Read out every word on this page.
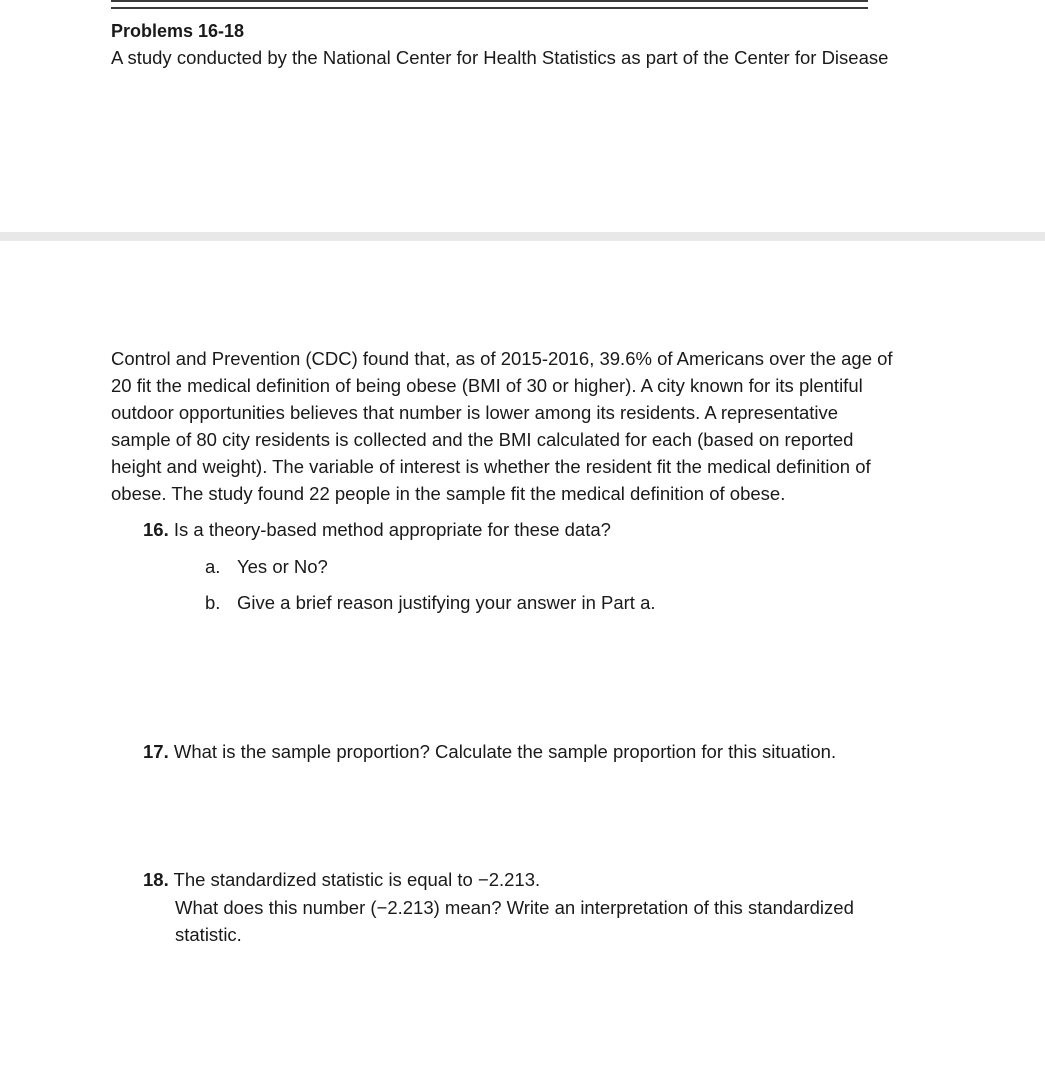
Problems 16-18
A study conducted by the National Center for Health Statistics as part of the Center for Disease
Control and Prevention (CDC) found that, as of 2015-2016, 39.6% of Americans over the age of
20 fit the medical definition of being obese (BMI of 30 or higher). A city known for its plentiful
outdoor opportunities believes that number is lower among its residents. A representative
sample of 80 city residents is collected and the BMI calculated for each (based on reported
height and weight). The variable of interest is whether the resident fit the medical definition of
obese. The study found 22 people in the sample fit the medical definition of obese.
16. Is a theory-based method appropriate for these data?
a. Yes or No?
b. Give a brief reason justifying your answer in Part a.
17. What is the sample proportion? Calculate the sample proportion for this situation.
18. The standardized statistic is equal to −2.213.
What does this number (−2.213) mean? Write an interpretation of this standardized
statistic.
